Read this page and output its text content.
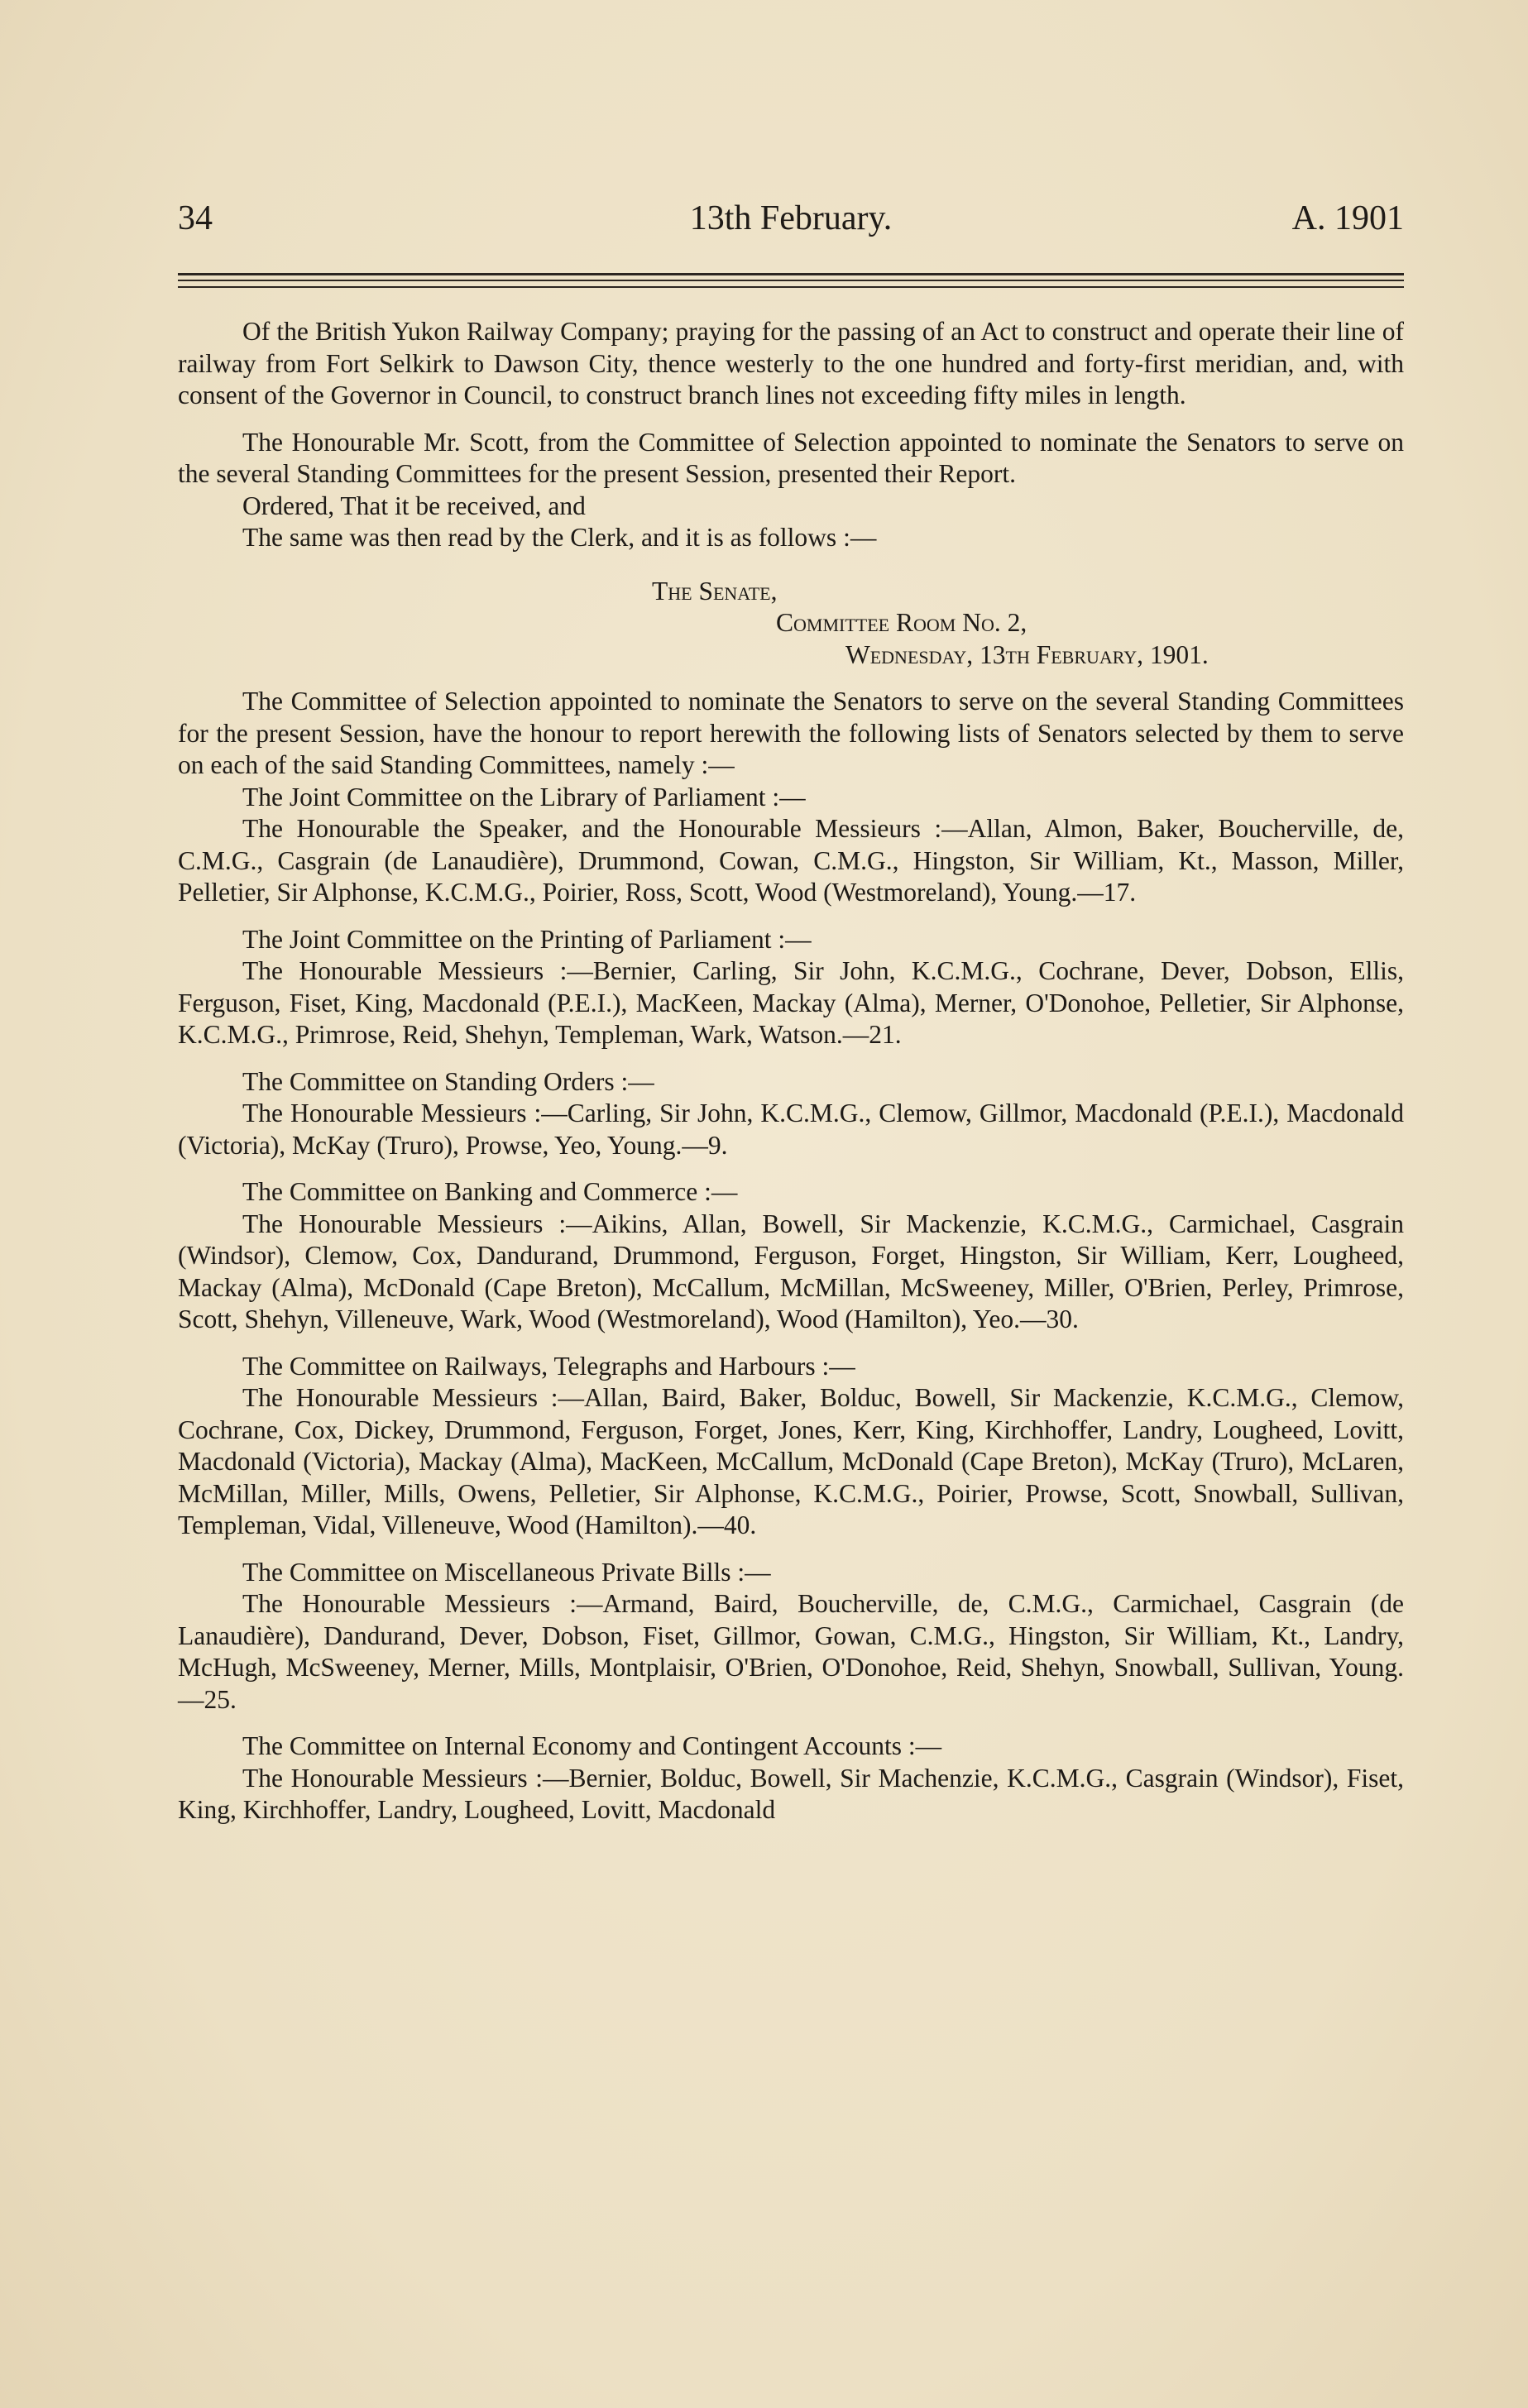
34	13th February.	A. 1901

Of the British Yukon Railway Company; praying for the passing of an Act to construct and operate their line of railway from Fort Selkirk to Dawson City, thence westerly to the one hundred and forty-first meridian, and, with consent of the Governor in Council, to construct branch lines not exceeding fifty miles in length.

The Honourable Mr. Scott, from the Committee of Selection appointed to nominate the Senators to serve on the several Standing Committees for the present Session, presented their Report.

Ordered, That it be received, and

The same was then read by the Clerk, and it is as follows :—

The Senate,

Committee Room No. 2,

Wednesday, 13th February, 1901.

The Committee of Selection appointed to nominate the Senators to serve on the several Standing Committees for the present Session, have the honour to report herewith the following lists of Senators selected by them to serve on each of the said Standing Committees, namely :—

The Joint Committee on the Library of Parliament :—

The Honourable the Speaker, and the Honourable Messieurs :—Allan, Almon, Baker, Boucherville, de, C.M.G., Casgrain (de Lanaudière), Drummond, Cowan, C.M.G., Hingston, Sir William, Kt., Masson, Miller, Pelletier, Sir Alphonse, K.C.M.G., Poirier, Ross, Scott, Wood (Westmoreland), Young.—17.

The Joint Committee on the Printing of Parliament :—

The Honourable Messieurs :—Bernier, Carling, Sir John, K.C.M.G., Cochrane, Dever, Dobson, Ellis, Ferguson, Fiset, King, Macdonald (P.E.I.), MacKeen, Mackay (Alma), Merner, O'Donohoe, Pelletier, Sir Alphonse, K.C.M.G., Primrose, Reid, Shehyn, Templeman, Wark, Watson.—21.

The Committee on Standing Orders :—

The Honourable Messieurs :—Carling, Sir John, K.C.M.G., Clemow, Gillmor, Macdonald (P.E.I.), Macdonald (Victoria), McKay (Truro), Prowse, Yeo, Young.—9.

The Committee on Banking and Commerce :—

The Honourable Messieurs :—Aikins, Allan, Bowell, Sir Mackenzie, K.C.M.G., Carmichael, Casgrain (Windsor), Clemow, Cox, Dandurand, Drummond, Ferguson, Forget, Hingston, Sir William, Kerr, Lougheed, Mackay (Alma), McDonald (Cape Breton), McCallum, McMillan, McSweeney, Miller, O'Brien, Perley, Primrose, Scott, Shehyn, Villeneuve, Wark, Wood (Westmoreland), Wood (Hamilton), Yeo.—30.

The Committee on Railways, Telegraphs and Harbours :—

The Honourable Messieurs :—Allan, Baird, Baker, Bolduc, Bowell, Sir Mackenzie, K.C.M.G., Clemow, Cochrane, Cox, Dickey, Drummond, Ferguson, Forget, Jones, Kerr, King, Kirchhoffer, Landry, Lougheed, Lovitt, Macdonald (Victoria), Mackay (Alma), MacKeen, McCallum, McDonald (Cape Breton), McKay (Truro), McLaren, McMillan, Miller, Mills, Owens, Pelletier, Sir Alphonse, K.C.M.G., Poirier, Prowse, Scott, Snowball, Sullivan, Templeman, Vidal, Villeneuve, Wood (Hamilton).—40.

The Committee on Miscellaneous Private Bills :—

The Honourable Messieurs :—Armand, Baird, Boucherville, de, C.M.G., Carmichael, Casgrain (de Lanaudière), Dandurand, Dever, Dobson, Fiset, Gillmor, Gowan, C.M.G., Hingston, Sir William, Kt., Landry, McHugh, McSweeney, Merner, Mills, Montplaisir, O'Brien, O'Donohoe, Reid, Shehyn, Snowball, Sullivan, Young.—25.

The Committee on Internal Economy and Contingent Accounts :—

The Honourable Messieurs :—Bernier, Bolduc, Bowell, Sir Machenzie, K.C.M.G., Casgrain (Windsor), Fiset, King, Kirchhoffer, Landry, Lougheed, Lovitt, Macdonald
